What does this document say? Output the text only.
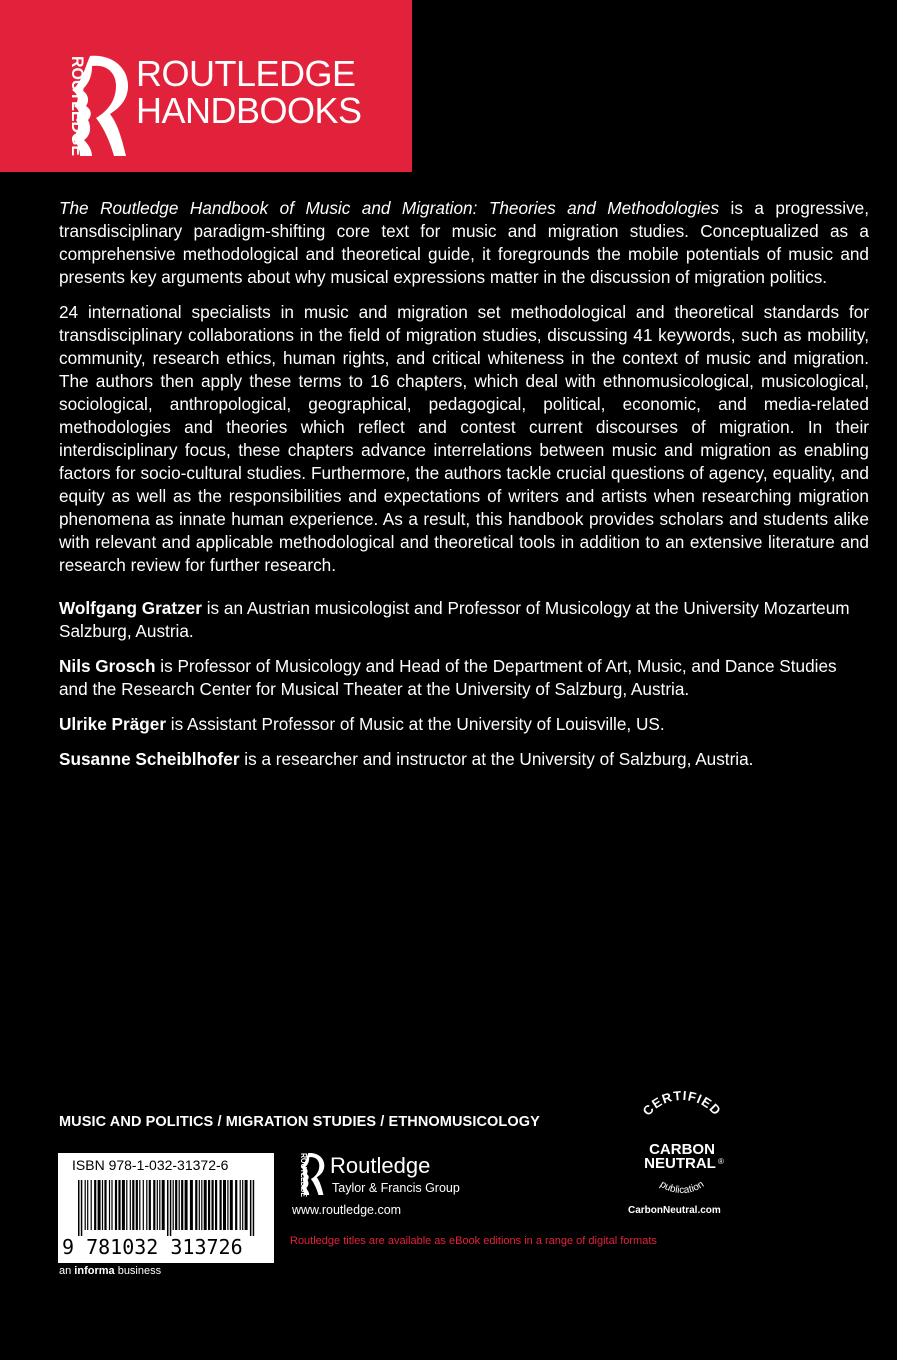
ROUTLEDGE ROUTLEDGE
HANDBOOKS

The Routledge Handbook of Music and Migration: Theories and Methodologies is a progressive, transdisciplinary paradigm-shifting core text for music and migration studies. Conceptualized as a comprehensive methodological and theoretical guide, it foregrounds the mobile potentials of music and presents key arguments about why musical expressions matter in the discussion of migration politics.

24 international specialists in music and migration set methodological and theoretical standards for transdisciplinary collaborations in the field of migration studies, discussing 41 keywords, such as mobility, community, research ethics, human rights, and critical whiteness in the context of music and migration. The authors then apply these terms to 16 chapters, which deal with ethnomusicological, musicological, sociological, anthropological, geographical, pedagogical, political, economic, and media-related methodologies and theories which reflect and contest current discourses of migration. In their interdisciplinary focus, these chapters advance interrelations between music and migration as enabling factors for socio-cultural studies. Furthermore, the authors tackle crucial questions of agency, equality, and equity as well as the responsibilities and expectations of writers and artists when researching migration phenomena as innate human experience. As a result, this handbook provides scholars and students alike with relevant and applicable methodological and theoretical tools in addition to an extensive literature and research review for further research.

Wolfgang Gratzer is an Austrian musicologist and Professor of Musicology at the University Mozarteum Salzburg, Austria.

Nils Grosch is Professor of Musicology and Head of the Department of Art, Music, and Dance Studies and the Research Center for Musical Theater at the University of Salzburg, Austria.

Ulrike Präger is Assistant Professor of Music at the University of Louisville, US.

Susanne Scheiblhofer is a researcher and instructor at the University of Salzburg, Austria.

MUSIC AND POLITICS / MIGRATION STUDIES / ETHNOMUSICOLOGY
ISBN 978-1-032-31372-6
9 781032 313726
an informa business
Routledge
Taylor & Francis Group
www.routledge.com
Routledge titles are available as eBook editions in a range of digital formats
CERTIFIED
CARBON
NEUTRAL ®
publication
CarbonNeutral.com
